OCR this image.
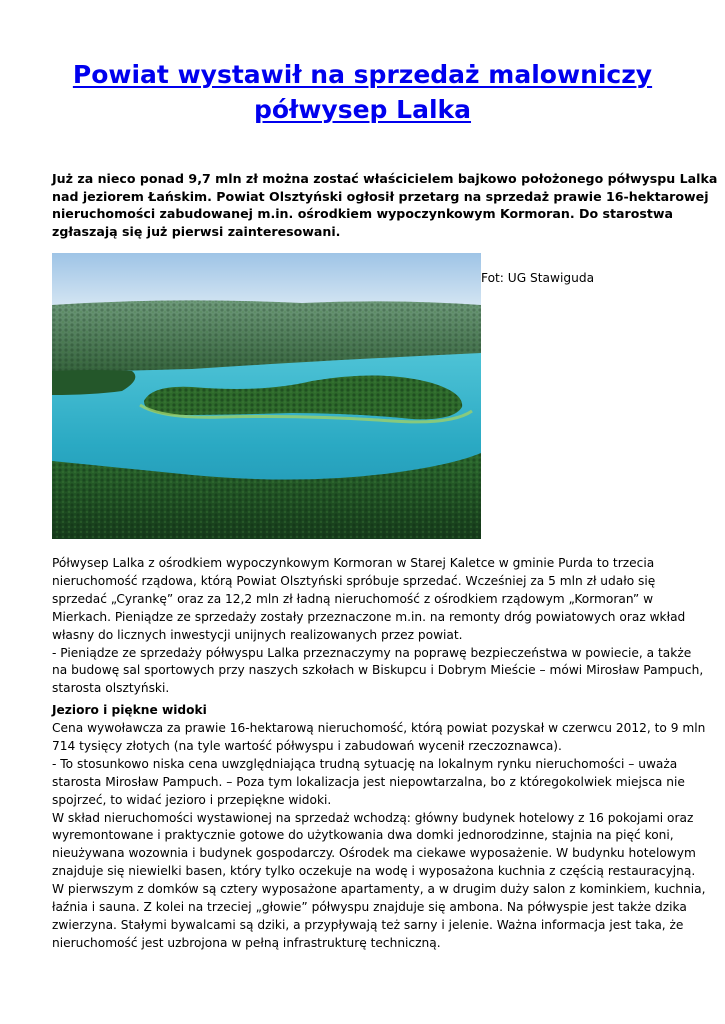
Powiat wystawił na sprzedaż malowniczy
półwysep Lalka
Już za nieco ponad 9,7 mln zł można zostać właścicielem bajkowo położonego półwyspu Lalka
nad jeziorem Łańskim. Powiat Olsztyński ogłosił przetarg na sprzedaż prawie 16-hektarowej
nieruchomości zabudowanej m.in. ośrodkiem wypoczynkowym Kormoran. Do starostwa
zgłaszają się już pierwsi zainteresowani.
Fot: UG Stawiguda
Półwysep Lalka z ośrodkiem wypoczynkowym Kormoran w Starej Kaletce w gminie Purda to trzecia
nieruchomość rządowa, którą Powiat Olsztyński spróbuje sprzedać. Wcześniej za 5 mln zł udało się
sprzedać „Cyrankę” oraz za 12,2 mln zł ładną nieruchomość z ośrodkiem rządowym „Kormoran” w
Mierkach. Pieniądze ze sprzedaży zostały przeznaczone m.in. na remonty dróg powiatowych oraz wkład
własny do licznych inwestycji unijnych realizowanych przez powiat.
- Pieniądze ze sprzedaży półwyspu Lalka przeznaczymy na poprawę bezpieczeństwa w powiecie, a także
na budowę sal sportowych przy naszych szkołach w Biskupcu i Dobrym Mieście – mówi Mirosław Pampuch,
starosta olsztyński.
Jezioro i piękne widoki
Cena wywoławcza za prawie 16-hektarową nieruchomość, którą powiat pozyskał w czerwcu 2012, to 9 mln
714 tysięcy złotych (na tyle wartość półwyspu i zabudowań wycenił rzeczoznawca).
- To stosunkowo niska cena uwzględniająca trudną sytuację na lokalnym rynku nieruchomości – uważa
starosta Mirosław Pampuch. – Poza tym lokalizacja jest niepowtarzalna, bo z któregokolwiek miejsca nie
spojrzeć, to widać jezioro i przepiękne widoki.
W skład nieruchomości wystawionej na sprzedaż wchodzą: główny budynek hotelowy z 16 pokojami oraz
wyremontowane i praktycznie gotowe do użytkowania dwa domki jednorodzinne, stajnia na pięć koni,
nieużywana wozownia i budynek gospodarczy. Ośrodek ma ciekawe wyposażenie. W budynku hotelowym
znajduje się niewielki basen, który tylko oczekuje na wodę i wyposażona kuchnia z częścią restauracyjną.
W pierwszym z domków są cztery wyposażone apartamenty, a w drugim duży salon z kominkiem, kuchnia,
łaźnia i sauna. Z kolei na trzeciej „głowie” półwyspu znajduje się ambona. Na półwyspie jest także dzika
zwierzyna. Stałymi bywalcami są dziki, a przypływają też sarny i jelenie. Ważna informacja jest taka, że
nieruchomość jest uzbrojona w pełną infrastrukturę techniczną.
